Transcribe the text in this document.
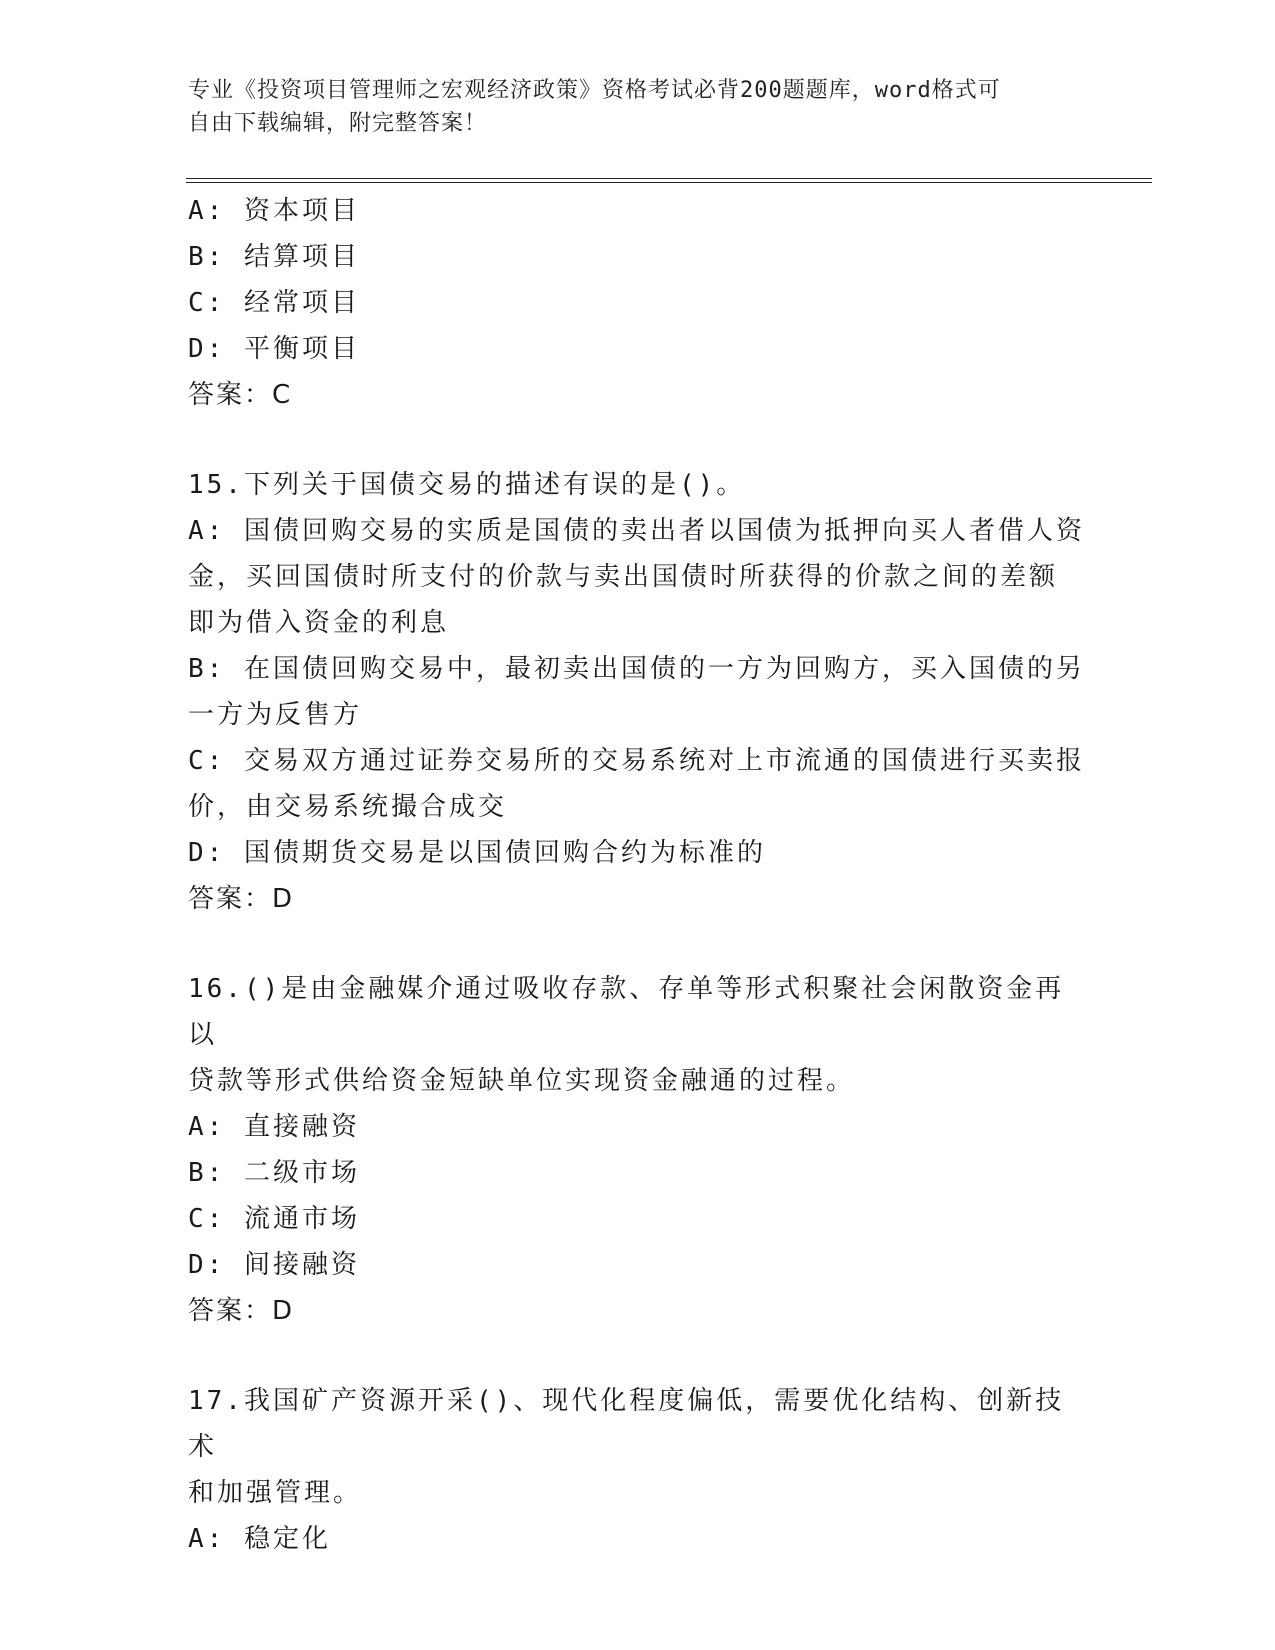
专业《投资项目管理师之宏观经济政策》资格考试必背200题题库，word格式可
自由下载编辑，附完整答案！
A: 资本项目
B: 结算项目
C: 经常项目
D: 平衡项目
答案：C
15.下列关于国债交易的描述有误的是()。
A: 国债回购交易的实质是国债的卖出者以国债为抵押向买人者借人资
金，买回国债时所支付的价款与卖出国债时所获得的价款之间的差额
即为借入资金的利息
B: 在国债回购交易中，最初卖出国债的一方为回购方，买入国债的另
一方为反售方
C: 交易双方通过证券交易所的交易系统对上市流通的国债进行买卖报
价，由交易系统撮合成交
D: 国债期货交易是以国债回购合约为标准的
答案：D
16.()是由金融媒介通过吸收存款、存单等形式积聚社会闲散资金再以
贷款等形式供给资金短缺单位实现资金融通的过程。
A: 直接融资
B: 二级市场
C: 流通市场
D: 间接融资
答案：D
17.我国矿产资源开采()、现代化程度偏低，需要优化结构、创新技术
和加强管理。
A: 稳定化
